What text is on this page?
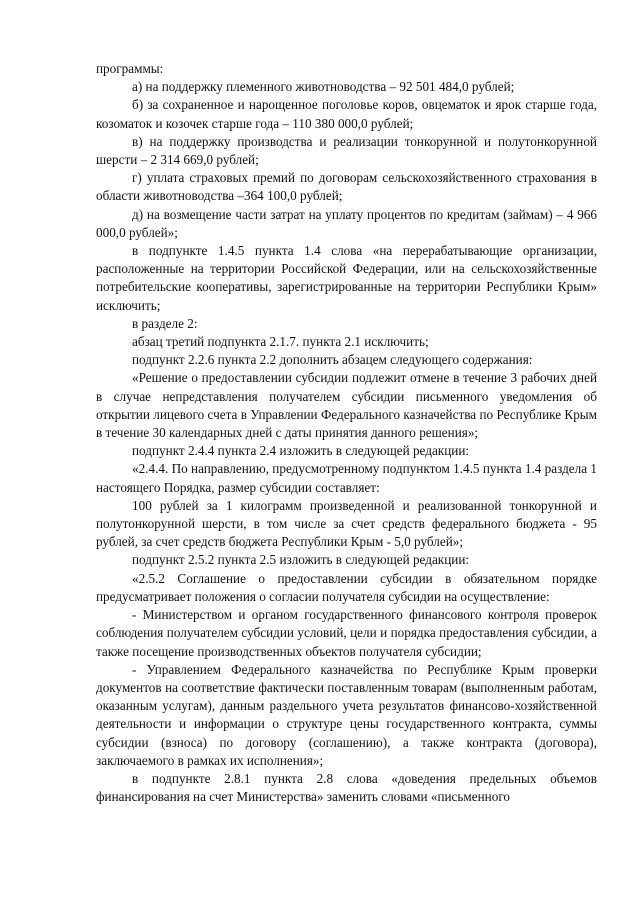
программы:

а) на поддержку племенного животноводства – 92 501 484,0 рублей;

б) за сохраненное и нарощенное поголовье коров, овцематок и ярок старше года, козоматок и козочек старше года – 110 380 000,0 рублей;

в) на поддержку производства и реализации тонкорунной и полутонкорунной шерсти – 2 314 669,0 рублей;

г) уплата страховых премий по договорам сельскохозяйственного страхования в области животноводства –364 100,0 рублей;

д) на возмещение части затрат на уплату процентов по кредитам (займам) – 4 966 000,0 рублей»;

в подпункте 1.4.5 пункта 1.4 слова «на перерабатывающие организации, расположенные на территории Российской Федерации, или на сельскохозяйственные потребительские кооперативы, зарегистрированные на территории Республики Крым» исключить;

в разделе 2:

абзац третий подпункта 2.1.7. пункта 2.1 исключить;

подпункт 2.2.6 пункта 2.2 дополнить абзацем следующего содержания:

«Решение о предоставлении субсидии подлежит отмене в течение 3 рабочих дней в случае непредставления получателем субсидии письменного уведомления об открытии лицевого счета в Управлении Федерального казначейства по Республике Крым в течение 30 календарных дней с даты принятия данного решения»;

подпункт 2.4.4 пункта 2.4 изложить в следующей редакции:

«2.4.4. По направлению, предусмотренному подпунктом 1.4.5 пункта 1.4 раздела 1 настоящего Порядка, размер субсидии составляет:

100 рублей за 1 килограмм произведенной и реализованной тонкорунной и полутонкорунной шерсти, в том числе за счет средств федерального бюджета - 95 рублей, за счет средств бюджета Республики Крым - 5,0 рублей»;

подпункт 2.5.2 пункта 2.5 изложить в следующей редакции:

«2.5.2 Соглашение о предоставлении субсидии в обязательном порядке предусматривает положения о согласии получателя субсидии на осуществление:

- Министерством и органом государственного финансового контроля проверок соблюдения получателем субсидии условий, цели и порядка предоставления субсидии, а также посещение производственных объектов получателя субсидии;

- Управлением Федерального казначейства по Республике Крым проверки документов на соответствие фактически поставленным товарам (выполненным работам, оказанным услугам), данным раздельного учета результатов финансово-хозяйственной деятельности и информации о структуре цены государственного контракта, суммы субсидии (взноса) по договору (соглашению), а также контракта (договора), заключаемого в рамках их исполнения»;

в подпункте 2.8.1 пункта 2.8 слова «доведения предельных объемов финансирования на счет Министерства» заменить словами «письменного
